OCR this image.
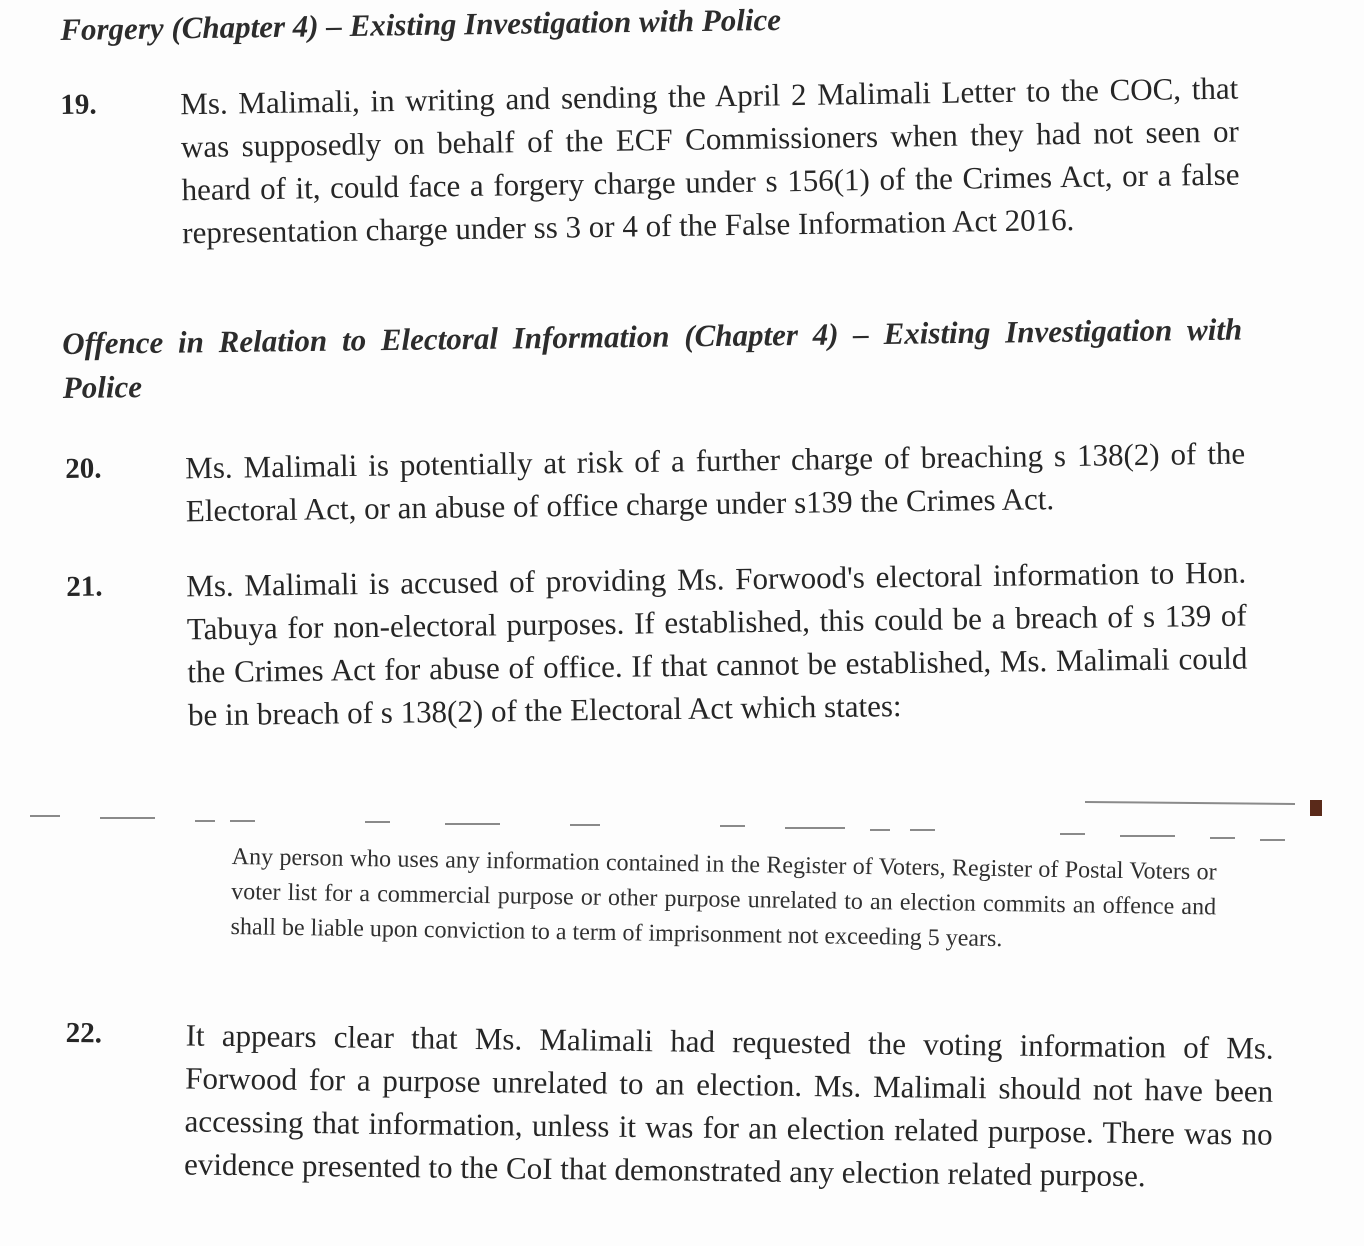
Forgery (Chapter 4) – Existing Investigation with Police
19.	Ms. Malimali, in writing and sending the April 2 Malimali Letter to the COC, that was supposedly on behalf of the ECF Commissioners when they had not seen or heard of it, could face a forgery charge under s 156(1) of the Crimes Act, or a false representation charge under ss 3 or 4 of the False Information Act 2016.
Offence in Relation to Electoral Information (Chapter 4) – Existing Investigation with Police
20.	Ms. Malimali is potentially at risk of a further charge of breaching s 138(2) of the Electoral Act, or an abuse of office charge under s139 the Crimes Act.
21.	Ms. Malimali is accused of providing Ms. Forwood's electoral information to Hon. Tabuya for non-electoral purposes. If established, this could be a breach of s 139 of the Crimes Act for abuse of office. If that cannot be established, Ms. Malimali could be in breach of s 138(2) of the Electoral Act which states:
Any person who uses any information contained in the Register of Voters, Register of Postal Voters or voter list for a commercial purpose or other purpose unrelated to an election commits an offence and shall be liable upon conviction to a term of imprisonment not exceeding 5 years.
22.	It appears clear that Ms. Malimali had requested the voting information of Ms. Forwood for a purpose unrelated to an election. Ms. Malimali should not have been accessing that information, unless it was for an election related purpose. There was no evidence presented to the CoI that demonstrated any election related purpose.
